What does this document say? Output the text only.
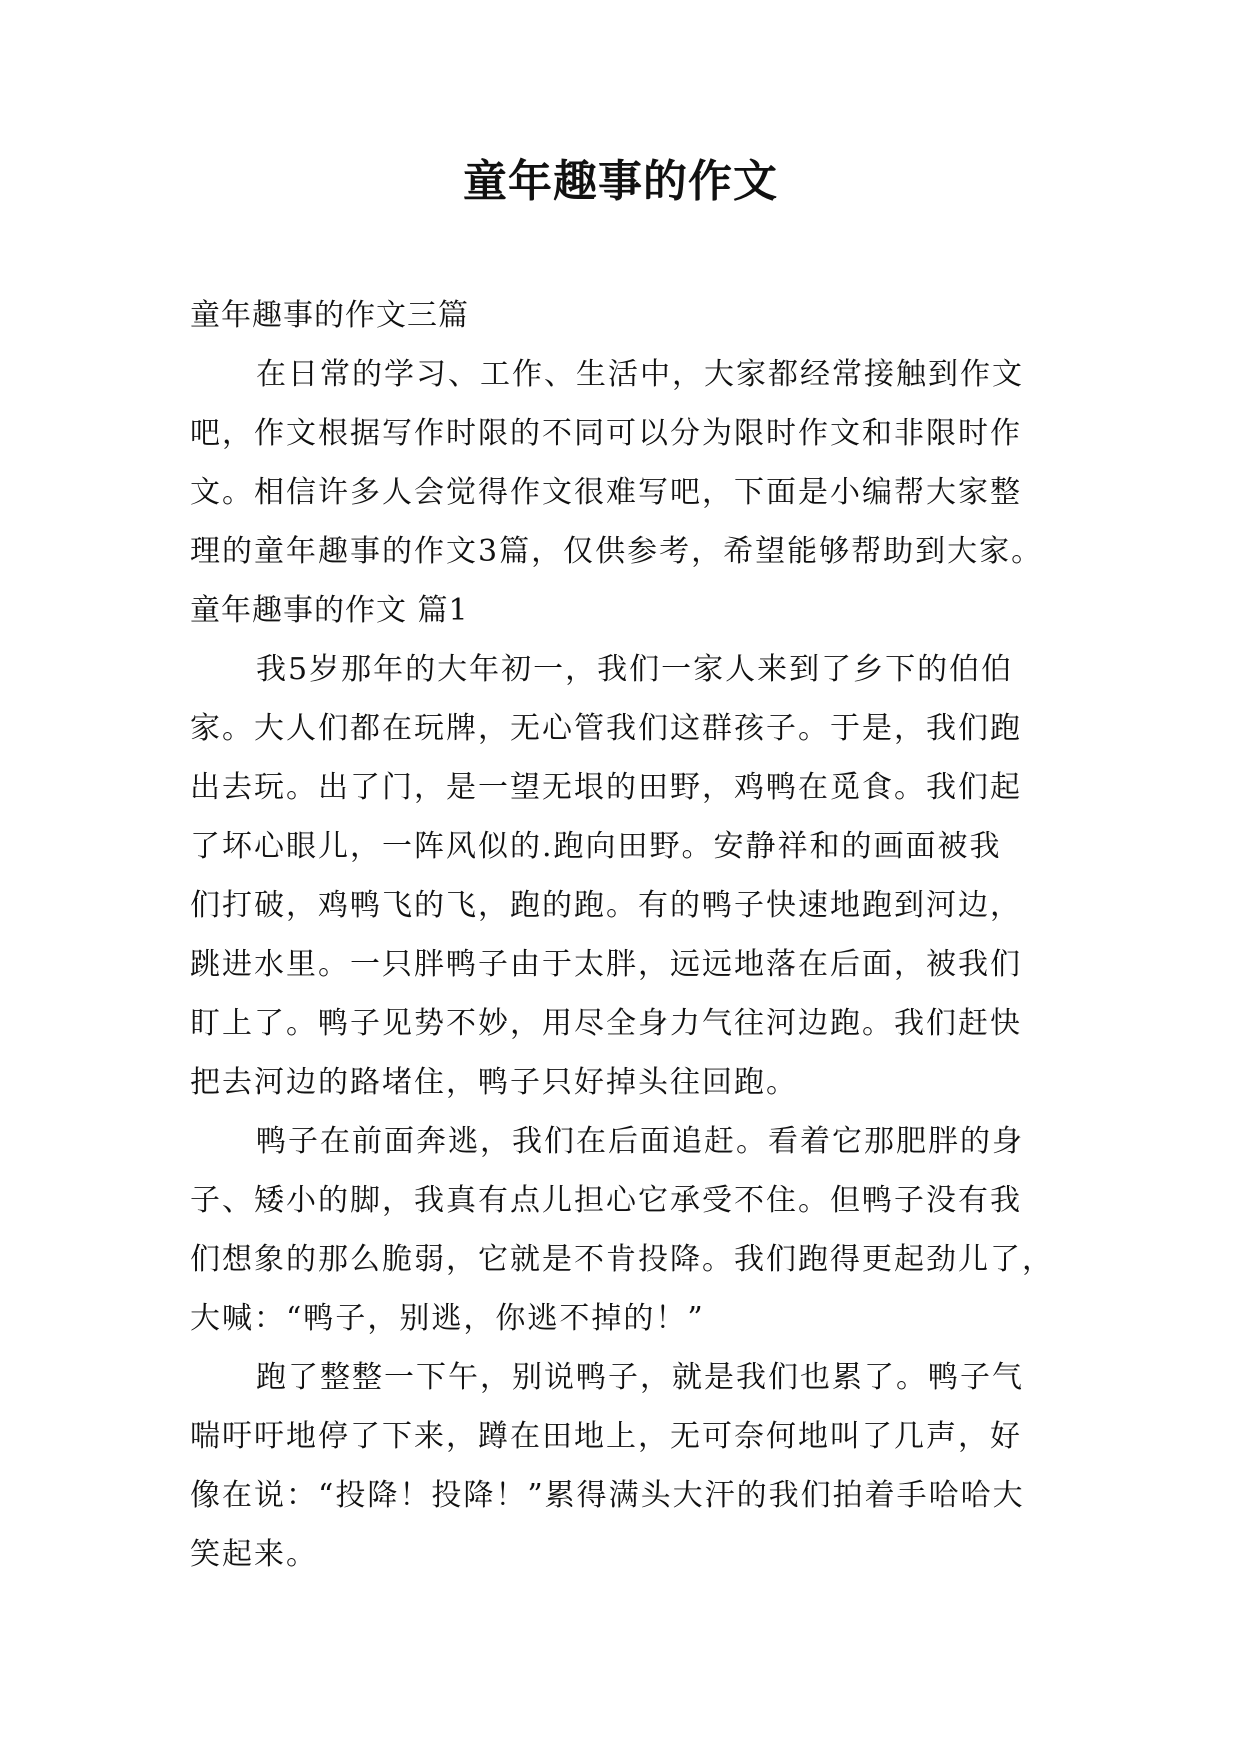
童年趣事的作文
童年趣事的作文三篇
在日常的学习、工作、生活中，大家都经常接触到作文
吧，作文根据写作时限的不同可以分为限时作文和非限时作
文。相信许多人会觉得作文很难写吧，下面是小编帮大家整
理的童年趣事的作文3篇，仅供参考，希望能够帮助到大家。
童年趣事的作文 篇1
我5岁那年的大年初一，我们一家人来到了乡下的伯伯
家。大人们都在玩牌，无心管我们这群孩子。于是，我们跑
出去玩。出了门，是一望无垠的田野，鸡鸭在觅食。我们起
了坏心眼儿，一阵风似的.跑向田野。安静祥和的画面被我
们打破，鸡鸭飞的飞，跑的跑。有的鸭子快速地跑到河边，
跳进水里。一只胖鸭子由于太胖，远远地落在后面，被我们
盯上了。鸭子见势不妙，用尽全身力气往河边跑。我们赶快
把去河边的路堵住，鸭子只好掉头往回跑。
鸭子在前面奔逃，我们在后面追赶。看着它那肥胖的身
子、矮小的脚，我真有点儿担心它承受不住。但鸭子没有我
们想象的那么脆弱，它就是不肯投降。我们跑得更起劲儿了，
大喊：“鸭子，别逃，你逃不掉的！”
跑了整整一下午，别说鸭子，就是我们也累了。鸭子气
喘吁吁地停了下来，蹲在田地上，无可奈何地叫了几声，好
像在说：“投降！投降！”累得满头大汗的我们拍着手哈哈大
笑起来。
